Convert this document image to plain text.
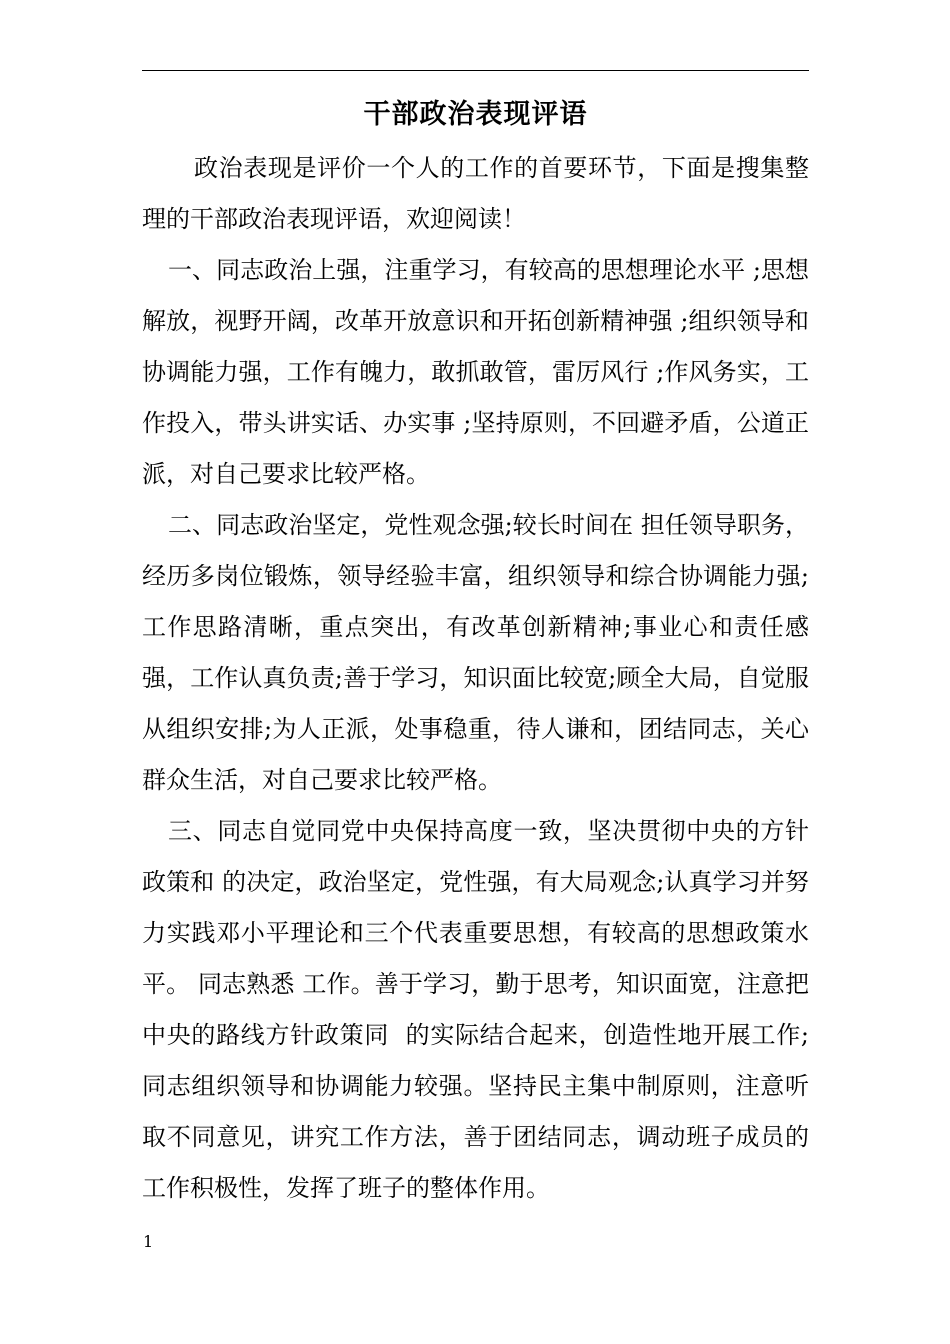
干部政治表现评语

政治表现是评价一个人的工作的首要环节，下面是搜集整理的干部政治表现评语，欢迎阅读！

一、同志政治上强，注重学习，有较高的思想理论水平 ;思想解放，视野开阔，改革开放意识和开拓创新精神强 ;组织领导和协调能力强，工作有魄力，敢抓敢管，雷厉风行 ;作风务实，工作投入，带头讲实话、办实事 ;坚持原则，不回避矛盾，公道正派，对自己要求比较严格。

二、同志政治坚定，党性观念强;较长时间在 担任领导职务，经历多岗位锻炼，领导经验丰富，组织领导和综合协调能力强;工作思路清晰，重点突出，有改革创新精神;事业心和责任感强，工作认真负责;善于学习，知识面比较宽;顾全大局，自觉服从组织安排;为人正派，处事稳重，待人谦和，团结同志，关心群众生活，对自己要求比较严格。

三、同志自觉同党中央保持高度一致，坚决贯彻中央的方针政策和 的决定，政治坚定，党性强，有大局观念;认真学习并努力实践邓小平理论和三个代表重要思想，有较高的思想政策水平。 同志熟悉 工作。善于学习，勤于思考，知识面宽，注意把中央的路线方针政策同  的实际结合起来，创造性地开展工作; 同志组织领导和协调能力较强。坚持民主集中制原则，注意听取不同意见，讲究工作方法，善于团结同志，调动班子成员的工作积极性，发挥了班子的整体作用。

1
